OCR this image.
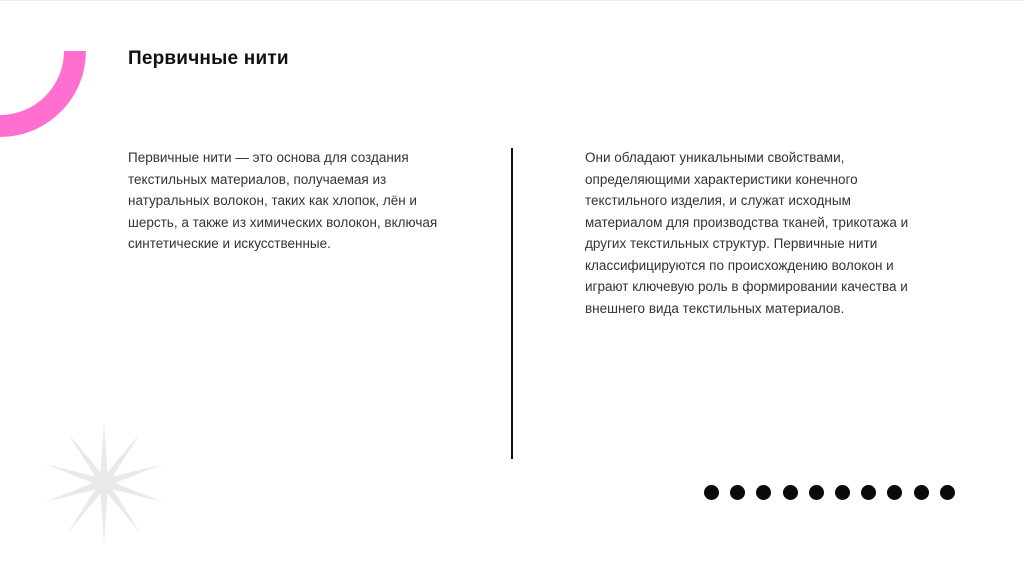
Первичные нити

Первичные нити — это основа для создания текстильных материалов, получаемая из натуральных волокон, таких как хлопок, лён и шерсть, а также из химических волокон, включая синтетические и искусственные.

Они обладают уникальными свойствами, определяющими характеристики конечного текстильного изделия, и служат исходным материалом для производства тканей, трикотажа и других текстильных структур. Первичные нити классифицируются по происхождению волокон и играют ключевую роль в формировании качества и внешнего вида текстильных материалов.
